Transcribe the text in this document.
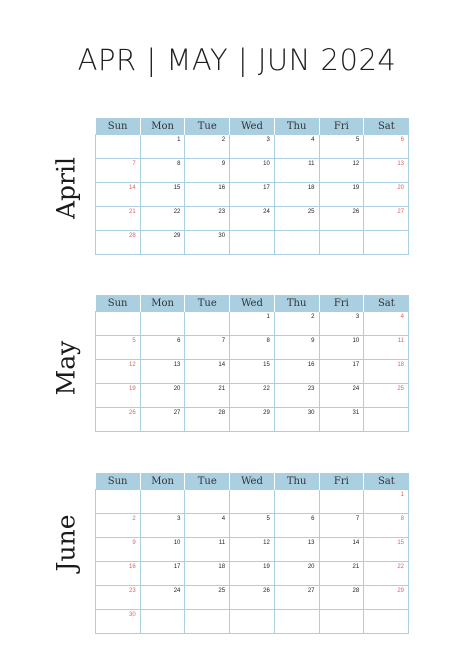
APR | MAY | JUN 2024
April
Sun	Mon	Tue	Wed	Thu	Fri	Sat
	1	2	3	4	5	6
7	8	9	10	11	12	13
14	15	16	17	18	19	20
21	22	23	24	25	26	27
28	29	30				
May
Sun	Mon	Tue	Wed	Thu	Fri	Sat
			1	2	3	4
5	6	7	8	9	10	11
12	13	14	15	16	17	18
19	20	21	22	23	24	25
26	27	28	29	30	31	
June
Sun	Mon	Tue	Wed	Thu	Fri	Sat
						1
2	3	4	5	6	7	8
9	10	11	12	13	14	15
16	17	18	19	20	21	22
23	24	25	26	27	28	29
30						
